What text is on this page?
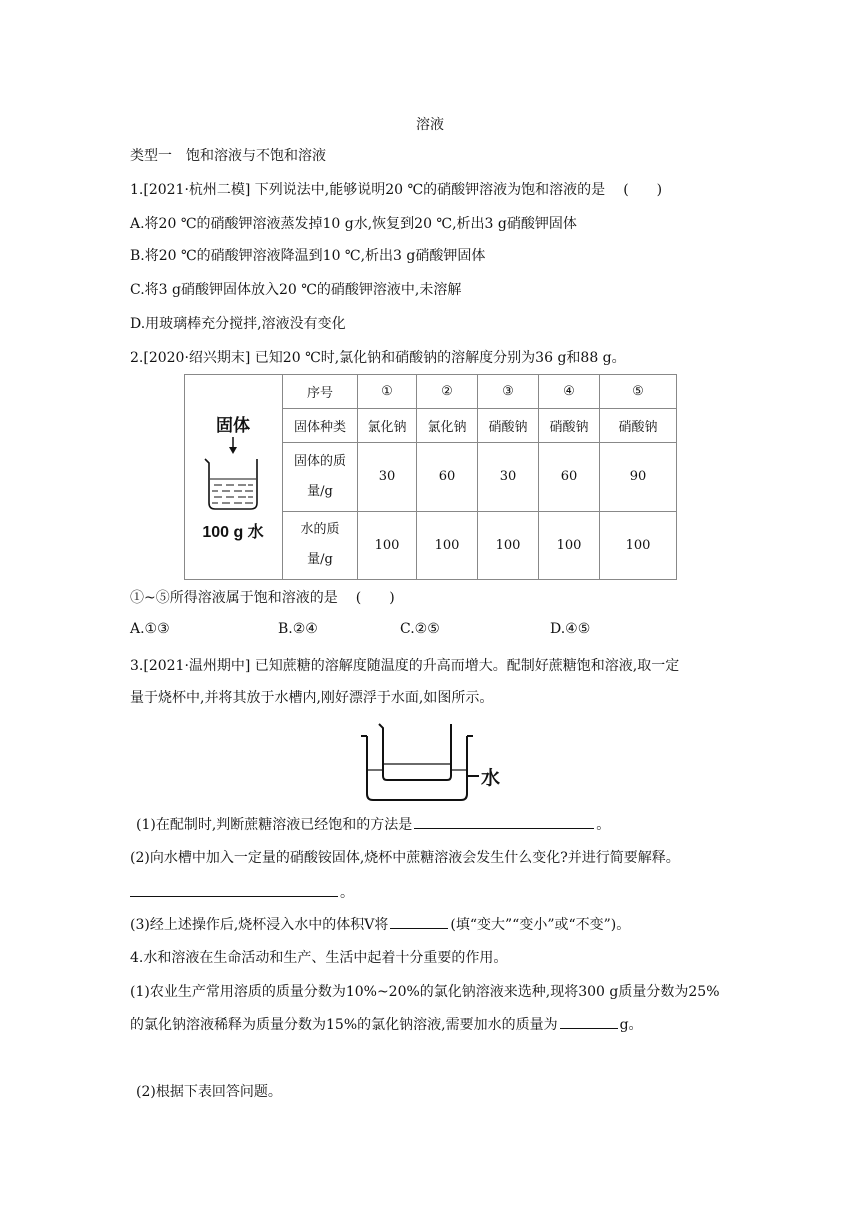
溶液
类型一　饱和溶液与不饱和溶液
1.[2021·杭州二模] 下列说法中,能够说明20 ℃的硝酸钾溶液为饱和溶液的是 (　　)
A.将20 ℃的硝酸钾溶液蒸发掉10 g水,恢复到20 ℃,析出3 g硝酸钾固体
B.将20 ℃的硝酸钾溶液降温到10 ℃,析出3 g硝酸钾固体
C.将3 g硝酸钾固体放入20 ℃的硝酸钾溶液中,未溶解
D.用玻璃棒充分搅拌,溶液没有变化
2.[2020·绍兴期末] 已知20 ℃时,氯化钠和硝酸钠的溶解度分别为36 g和88 g。
固体
100 g 水	序号	①	②	③	④	⑤
	固体种类	氯化钠	氯化钠	硝酸钠	硝酸钠	硝酸钠
	固体的质量/g	30	60	30	60	90
	水的质量/g	100	100	100	100	100
①~⑤所得溶液属于饱和溶液的是 (　　)
A.①③	B.②④	C.②⑤	D.④⑤
3.[2021·温州期中] 已知蔗糖的溶解度随温度的升高而增大。配制好蔗糖饱和溶液,取一定
量于烧杯中,并将其放于水槽内,刚好漂浮于水面,如图所示。
水
(1)在配制时,判断蔗糖溶液已经饱和的方法是	。
(2)向水槽中加入一定量的硝酸铵固体,烧杯中蔗糖溶液会发生什么变化?并进行简要解释。
。
(3)经上述操作后,烧杯浸入水中的体积V将	(填“变大”“变小”或“不变”)。
4.水和溶液在生命活动和生产、生活中起着十分重要的作用。
(1)农业生产常用溶质的质量分数为10%~20%的氯化钠溶液来选种,现将300 g质量分数为25%
的氯化钠溶液稀释为质量分数为15%的氯化钠溶液,需要加水的质量为	g。
(2)根据下表回答问题。
